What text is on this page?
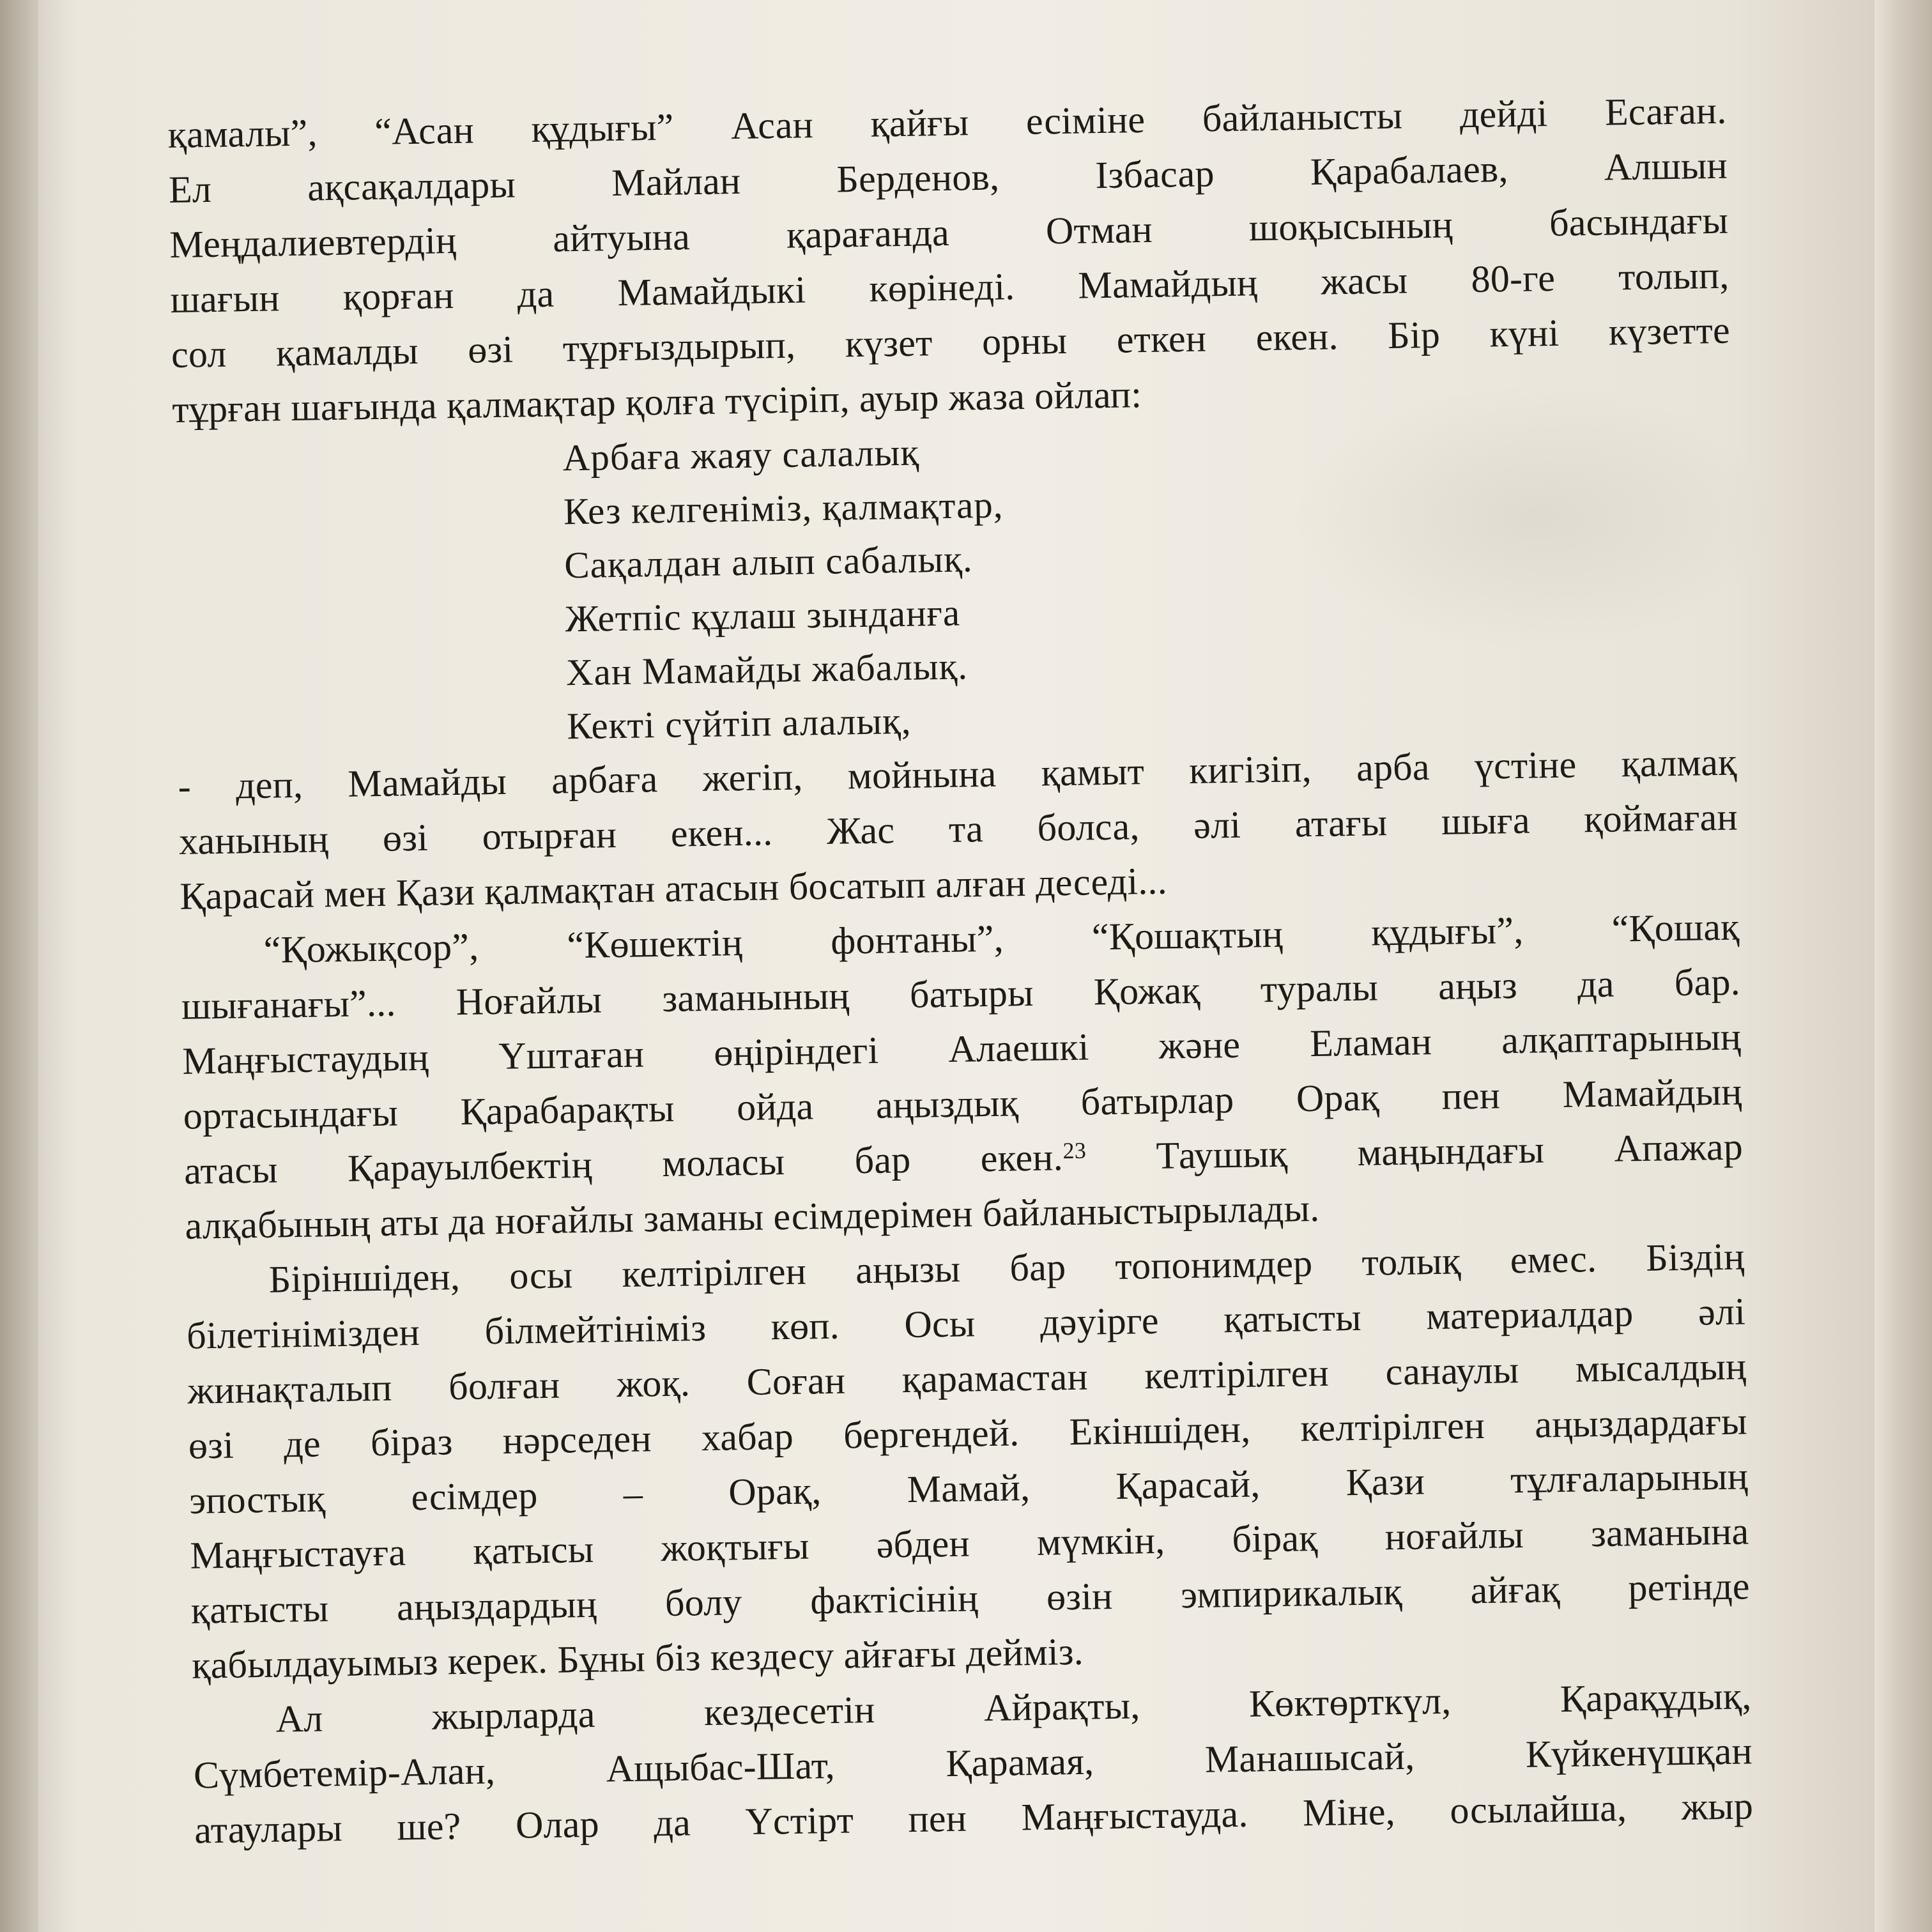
қамалы”, “Асан құдығы” Асан қайғы есіміне байланысты дейді Есаған.
Ел ақсақалдары Майлан Берденов, Ізбасар Қарабалаев, Алшын
Меңдалиевтердің айтуына қарағанда Отман шоқысының басындағы
шағын қорған да Мамайдыкі көрінеді. Мамайдың жасы 80-ге толып,
сол қамалды өзі тұрғыздырып, күзет орны еткен екен. Бір күні күзетте
тұрған шағында қалмақтар қолға түсіріп, ауыр жаза ойлап:
Арбаға жаяу салалық
Кез келгеніміз, қалмақтар,
Сақалдан алып сабалық.
Жетпіс құлаш зынданға
Хан Мамайды жабалық.
Кекті сүйтіп алалық,
- деп, Мамайды арбаға жегіп, мойнына қамыт кигізіп, арба үстіне қалмақ
ханының өзі отырған екен... Жас та болса, әлі атағы шыға қоймаған
Қарасай мен Қази қалмақтан атасын босатып алған деседі...
“Қожықсор”, “Көшектің фонтаны”, “Қошақтың құдығы”, “Қошақ
шығанағы”... Ноғайлы заманының батыры Қожақ туралы аңыз да бар.
Маңғыстаудың Үштаған өңіріндегі Алаешкі және Еламан алқаптарының
ортасындағы Қарабарақты ойда аңыздық батырлар Орақ пен Мамайдың
атасы Қарауылбектің моласы бар екен.$^{23}$ Таушық маңындағы Апажар
алқабының аты да ноғайлы заманы есімдерімен байланыстырылады.
Біріншіден, осы келтірілген аңызы бар топонимдер толық емес. Біздің
білетінімізден білмейтініміз көп. Осы дәуірге қатысты материалдар әлі
жинақталып болған жоқ. Соған қарамастан келтірілген санаулы мысалдың
өзі де біраз нәрседен хабар бергендей. Екіншіден, келтірілген аңыздардағы
эпостық есімдер – Орақ, Мамай, Қарасай, Қази тұлғаларының
Маңғыстауға қатысы жоқтығы әбден мүмкін, бірақ ноғайлы заманына
қатысты аңыздардың болу фактісінің өзін эмпирикалық айғақ ретінде
қабылдауымыз керек. Бұны біз кездесу айғағы дейміз.
Ал жырларда кездесетін Айрақты, Көктөрткүл, Қарақұдық,
Сүмбетемір-Алан, Ащыбас-Шат, Қарамая, Манашысай, Күйкенүшқан
атаулары ше? Олар да Үстірт пен Маңғыстауда. Міне, осылайша, жыр
